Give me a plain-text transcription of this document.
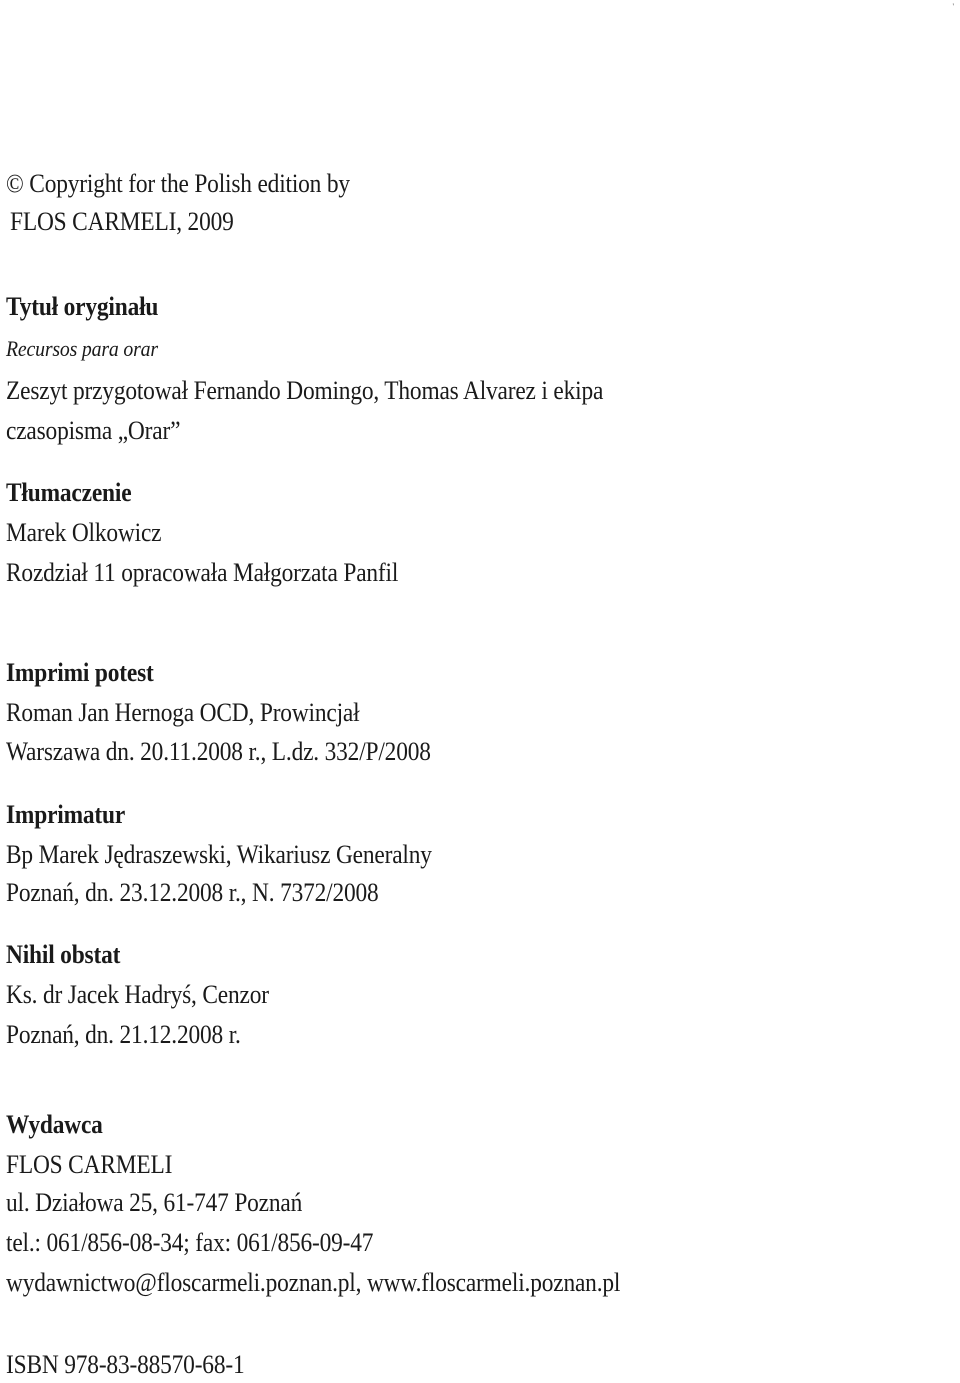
'
© Copyright for the Polish edition by
FLOS CARMELI, 2009
Tytuł oryginału
Recursos para orar
Zeszyt przygotował Fernando Domingo, Thomas Alvarez i ekipa
czasopisma „Orar”
Tłumaczenie
Marek Olkowicz
Rozdział 11 opracowała Małgorzata Panfil
Imprimi potest
Roman Jan Hernoga OCD, Prowincjał
Warszawa dn. 20.11.2008 r., L.dz. 332/P/2008
Imprimatur
Bp Marek Jędraszewski, Wikariusz Generalny
Poznań, dn. 23.12.2008 r., N. 7372/2008
Nihil obstat
Ks. dr Jacek Hadryś, Cenzor
Poznań, dn. 21.12.2008 r.
Wydawca
FLOS CARMELI
ul. Działowa 25, 61-747 Poznań
tel.: 061/856-08-34; fax: 061/856-09-47
wydawnictwo@floscarmeli.poznan.pl, www.floscarmeli.poznan.pl
ISBN 978-83-88570-68-1
